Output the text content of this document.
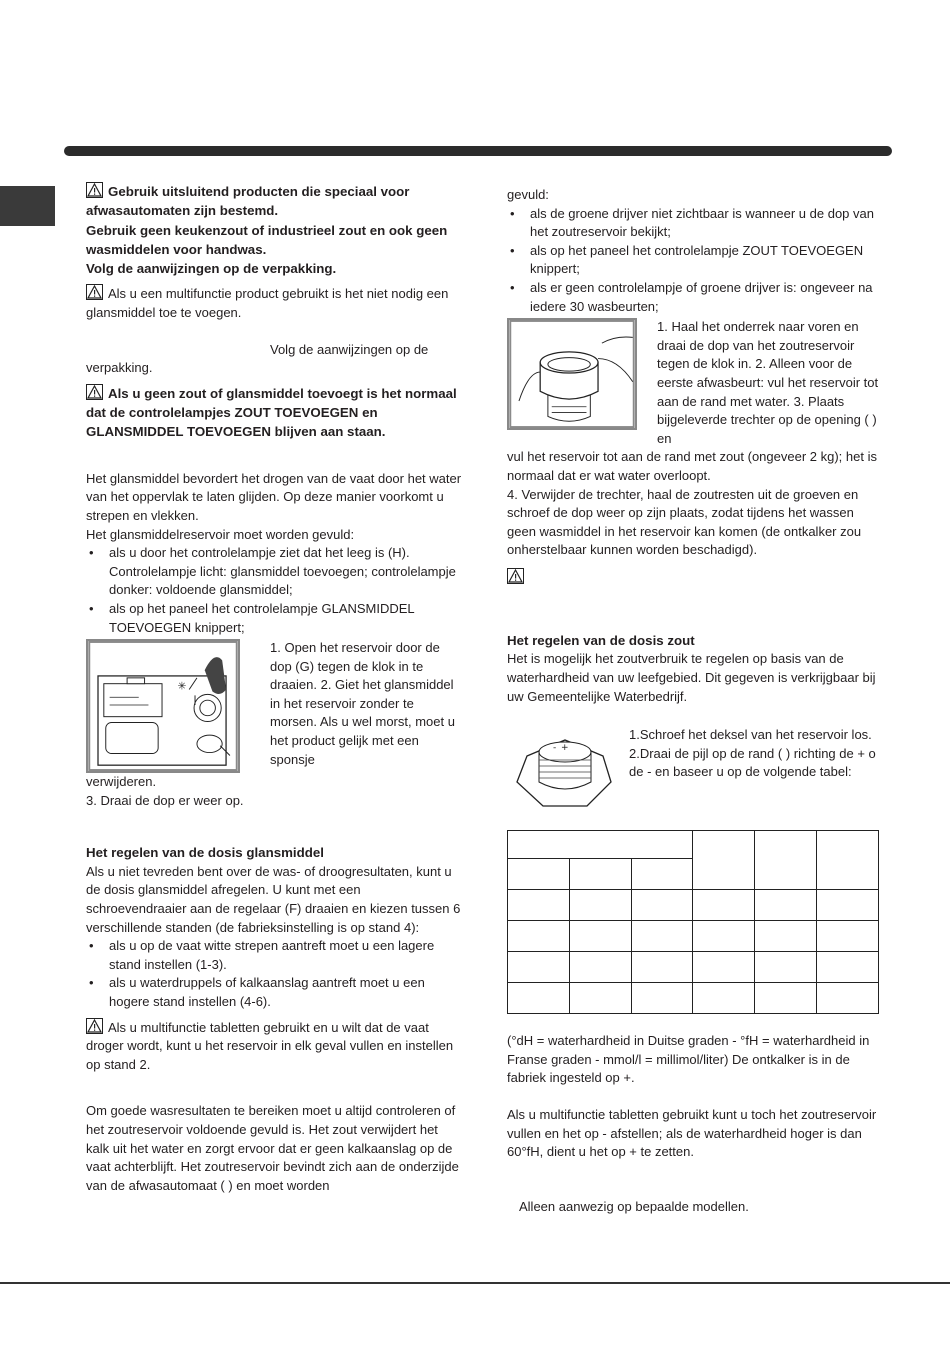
Gebruik uitsluitend producten die speciaal voor afwasautomaten zijn bestemd.
Gebruik geen keukenzout of industrieel zout en ook geen wasmiddelen voor handwas.
Volg de aanwijzingen op de verpakking.

Als u een multifunctie product gebruikt is het niet nodig een glansmiddel toe te voegen.

Volg de aanwijzingen op de
verpakking.

Als u geen zout of glansmiddel toevoegt is het normaal dat de controlelampjes ZOUT TOEVOEGEN en GLANSMIDDEL TOEVOEGEN blijven aan staan.

Het glansmiddel bevordert het drogen van de vaat door het water van het oppervlak te laten glijden. Op deze manier voorkomt u strepen en vlekken.

Het glansmiddelreservoir moet worden gevuld:

• als u door het controlelampje ziet dat het leeg is (H). Controlelampje licht: glansmiddel toevoegen; controlelampje donker: voldoende glansmiddel;
• als op het paneel het controlelampje GLANSMIDDEL TOEVOEGEN knippert;
✳

1. Open het reservoir door de dop (G) tegen de klok in te draaien. 2. Giet het glansmiddel in het reservoir zonder te morsen. Als u wel morst, moet u het product gelijk met een sponsje

verwijderen.

3. Draai de dop er weer op.

Het regelen van de dosis glansmiddel

Als u niet tevreden bent over de was- of droogresultaten, kunt u de dosis glansmiddel afregelen. U kunt met een schroevendraaier aan de regelaar (F) draaien en kiezen tussen 6 verschillende standen (de fabrieksinstelling is op stand 4):

• als u op de vaat witte strepen aantreft moet u een lagere stand instellen (1-3).
• als u waterdruppels of kalkaanslag aantreft moet u een hogere stand instellen (4-6).

Als u multifunctie tabletten gebruikt en u wilt dat de vaat droger wordt, kunt u het reservoir in elk geval vullen en instellen op stand 2.

Om goede wasresultaten te bereiken moet u altijd controleren of het zoutreservoir voldoende gevuld is. Het zout verwijdert het kalk uit het water en zorgt ervoor dat er geen kalkaanslag op de vaat achterblijft. Het zoutreservoir bevindt zich aan de onderzijde van de afwasautomaat ( ) en moet worden

gevuld:

• als de groene drijver niet zichtbaar is wanneer u de dop van het zoutreservoir bekijkt;
• als op het paneel het controlelampje ZOUT TOEVOEGEN knippert;
• als er geen controlelampje of groene drijver is: ongeveer na iedere 30 wasbeurten;

1. Haal het onderrek naar voren en draai de dop van het zoutreservoir tegen de klok in. 2. Alleen voor de eerste afwasbeurt: vul het reservoir tot aan de rand met water. 3. Plaats bijgeleverde trechter op de opening ( ) en

vul het reservoir tot aan de rand met zout (ongeveer 2 kg); het is normaal dat er wat water overloopt.

4. Verwijder de trechter, haal de zoutresten uit de groeven en schroef de dop weer op zijn plaats, zodat tijdens het wassen geen wasmiddel in het reservoir kan komen (de ontkalker zou onherstelbaar kunnen worden beschadigd).

Het regelen van de dosis zout

Het is mogelijk het zoutverbruik te regelen op basis van de waterhardheid van uw leefgebied. Dit gegeven is verkrijgbaar bij uw Gemeentelijke Waterbedrijf.

+
-

1.Schroef het deksel van het reservoir los. 2.Draai de pijl op de rand ( ) richting de + o de - en baseer u op de volgende tabel:

(°dH = waterhardheid in Duitse graden - °fH = waterhardheid in Franse graden - mmol/l = millimol/liter) De ontkalker is in de fabriek ingesteld op +.

Als u multifunctie tabletten gebruikt kunt u toch het zoutreservoir vullen en het op - afstellen; als de waterhardheid hoger is dan 60°fH, dient u het op + te zetten.

Alleen aanwezig op bepaalde modellen.
